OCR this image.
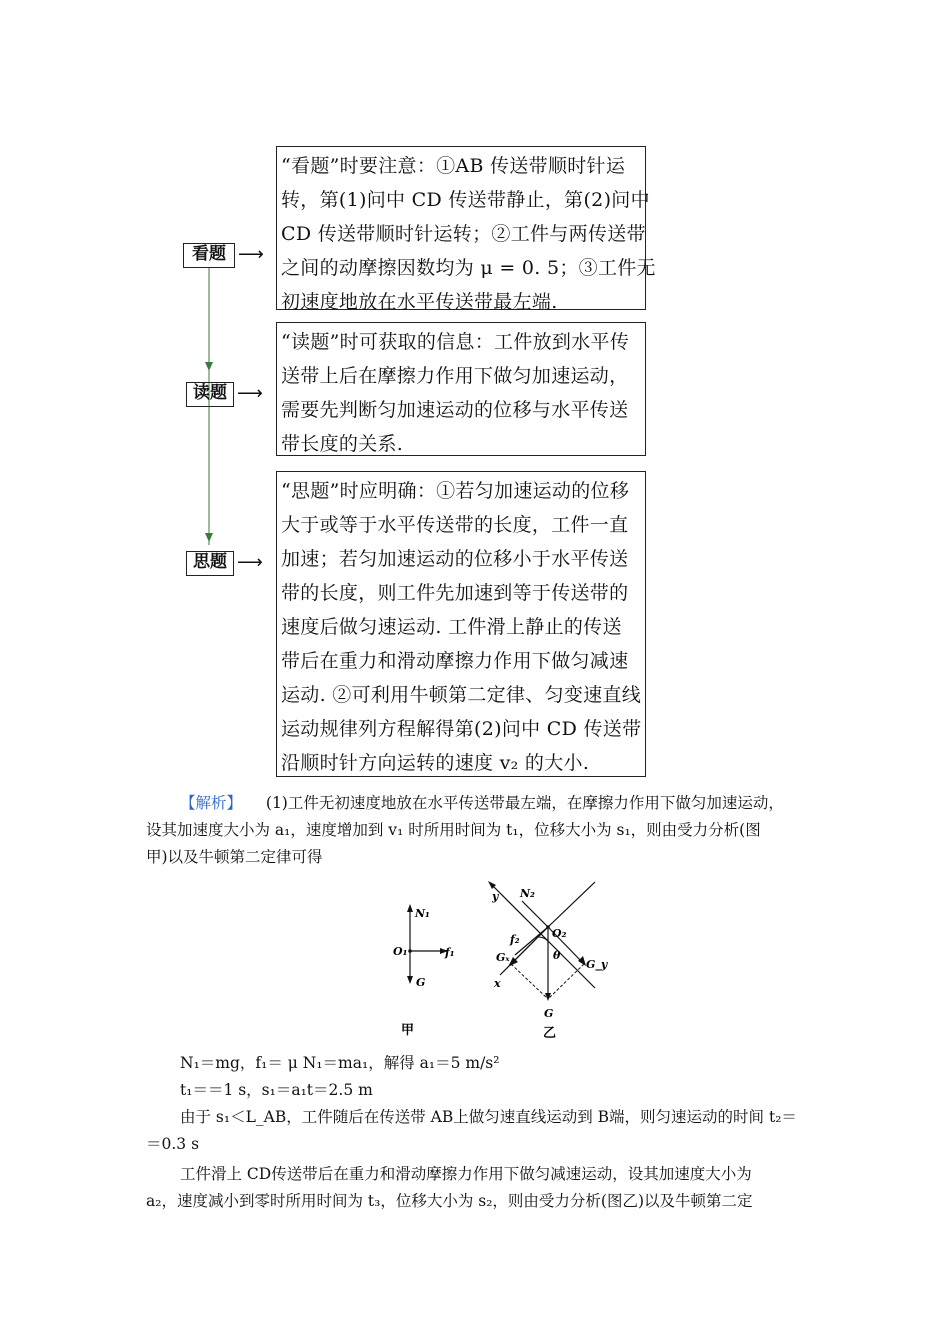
看题 ⟶

“看题”时要注意：①AB 传送带顺时针运

转，第(1)问中 CD 传送带静止，第(2)问中

CD 传送带顺时针运转；②工件与两传送带

之间的动摩擦因数均为 μ = 0. 5；③工件无

初速度地放在水平传送带最左端.

读题 ⟶

“读题”时可获取的信息：工件放到水平传

送带上后在摩擦力作用下做匀加速运动，

需要先判断匀加速运动的位移与水平传送

带长度的关系.

思题 ⟶

“思题”时应明确：①若匀加速运动的位移

大于或等于水平传送带的长度，工件一直

加速；若匀加速运动的位移小于水平传送

带的长度，则工件先加速到等于传送带的

速度后做匀速运动. 工件滑上静止的传送

带后在重力和滑动摩擦力作用下做匀减速

运动. ②可利用牛顿第二定律、匀变速直线

运动规律列方程解得第(2)问中 CD 传送带

沿顺时针方向运转的速度 v₂ 的大小.

【解析】 (1)工件无初速度地放在水平传送带最左端，在摩擦力作用下做匀加速运动，
设其加速度大小为 a₁，速度增加到 v₁ 时所用时间为 t₁，位移大小为 s₁，则由受力分析(图
甲)以及牛顿第二定律可得
N₁
O₁	f₁
G
甲
y N₂
O₂
f₂
Gₓ	θ
G_y
x
G
乙
N₁＝mg，f₁＝ μ N₁＝ma₁，解得 a₁＝5 m/s²
t₁＝＝1 s，s₁＝a₁t＝2.5 m
由于 s₁＜L_AB，工件随后在传送带 AB上做匀速直线运动到 B端，则匀速运动的时间 t₂＝
＝0.3 s
工件滑上 CD传送带后在重力和滑动摩擦力作用下做匀减速运动，设其加速度大小为
a₂，速度减小到零时所用时间为 t₃，位移大小为 s₂，则由受力分析(图乙)以及牛顿第二定
